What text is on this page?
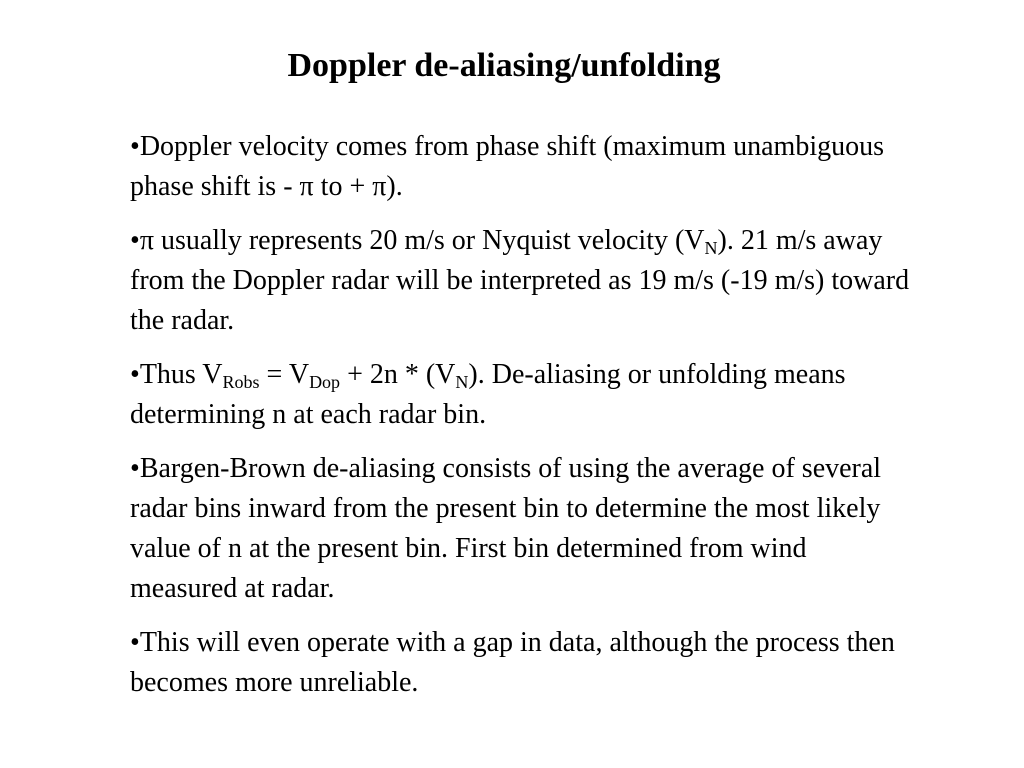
Doppler de-aliasing/unfolding
•Doppler velocity comes from phase shift (maximum unambiguous phase shift is - π to + π).
•π usually represents 20 m/s or Nyquist velocity $(V_N)$. 21 m/s away from the Doppler radar will be interpreted as 19 m/s (-19 m/s) toward the radar.
•Thus $V_{Robs} = V_{Dop} + 2n * (V_N)$. De-aliasing or unfolding means determining n at each radar bin.
•Bargen-Brown de-aliasing consists of using the average of several radar bins inward from the present bin to determine the most likely value of n at the present bin. First bin determined from wind measured at radar.
•This will even operate with a gap in data, although the process then becomes more unreliable.
